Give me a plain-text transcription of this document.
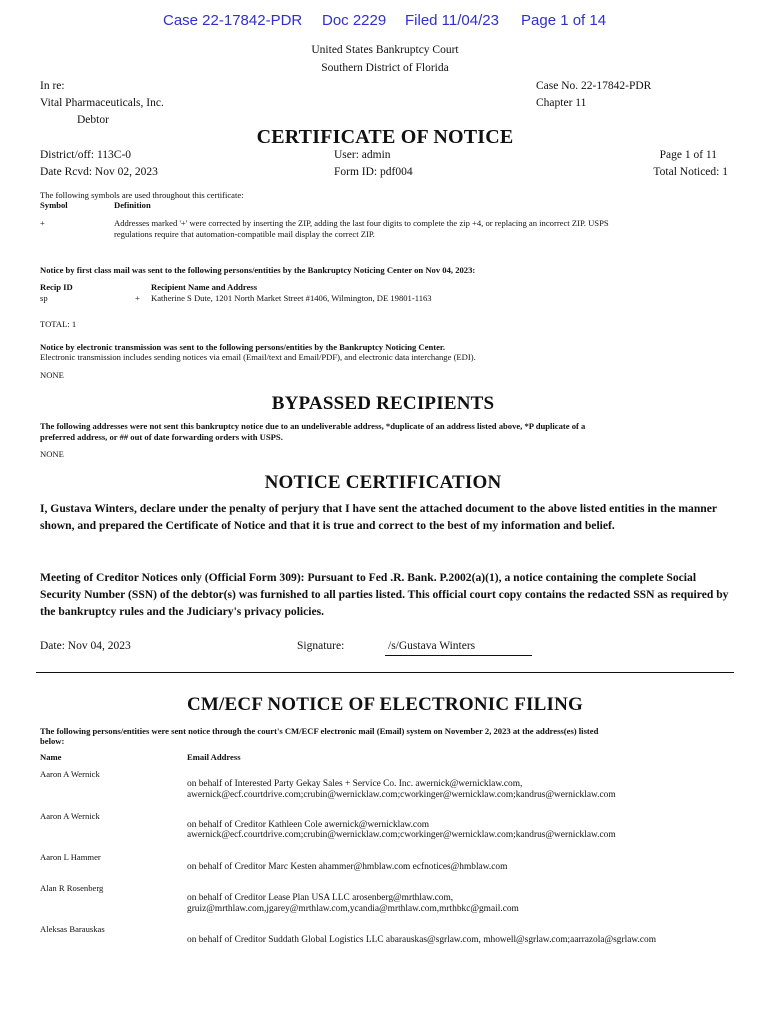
Case 22-17842-PDR Doc 2229 Filed 11/04/23 Page 1 of 14
United States Bankruptcy Court
Southern District of Florida
In re:
Vital Pharmaceuticals, Inc.
Debtor
Case No. 22-17842-PDR
Chapter 11
CERTIFICATE OF NOTICE
District/off: 113C-0
Date Rcvd: Nov 02, 2023
User: admin
Form ID: pdf004
Page 1 of 11
Total Noticed: 1
The following symbols are used throughout this certificate:
Symbol	Definition
+	Addresses marked '+' were corrected by inserting the ZIP, adding the last four digits to complete the zip +4, or replacing an incorrect ZIP. USPS
regulations require that automation-compatible mail display the correct ZIP.
Notice by first class mail was sent to the following persons/entities by the Bankruptcy Noticing Center on Nov 04, 2023:
Recip ID	Recipient Name and Address
sp	+ Katherine S Dute, 1201 North Market Street #1406, Wilmington, DE 19801-1163
TOTAL: 1
Notice by electronic transmission was sent to the following persons/entities by the Bankruptcy Noticing Center.
Electronic transmission includes sending notices via email (Email/text and Email/PDF), and electronic data interchange (EDI).
NONE
BYPASSED RECIPIENTS
The following addresses were not sent this bankruptcy notice due to an undeliverable address, *duplicate of an address listed above, *P duplicate of a
preferred address, or ## out of date forwarding orders with USPS.
NONE
NOTICE CERTIFICATION
I, Gustava Winters, declare under the penalty of perjury that I have sent the attached document to the above listed entities in the manner shown, and prepared the Certificate of Notice and that it is true and correct to the best of my information and belief.
Meeting of Creditor Notices only (Official Form 309): Pursuant to Fed .R. Bank. P.2002(a)(1), a notice containing the complete Social Security Number (SSN) of the debtor(s) was furnished to all parties listed. This official court copy contains the redacted SSN as required by the bankruptcy rules and the Judiciary's privacy policies.
Date: Nov 04, 2023	Signature:	/s/Gustava Winters
CM/ECF NOTICE OF ELECTRONIC FILING
The following persons/entities were sent notice through the court's CM/ECF electronic mail (Email) system on November 2, 2023 at the address(es) listed
below:
Name	Email Address
Aaron A Wernick
on behalf of Interested Party Gekay Sales + Service Co. Inc. awernick@wernicklaw.com,
awernick@ecf.courtdrive.com;crubin@wernicklaw.com;cworkinger@wernicklaw.com;kandrus@wernicklaw.com
Aaron A Wernick
on behalf of Creditor Kathleen Cole awernick@wernicklaw.com
awernick@ecf.courtdrive.com;crubin@wernicklaw.com;cworkinger@wernicklaw.com;kandrus@wernicklaw.com
Aaron L Hammer
on behalf of Creditor Marc Kesten ahammer@hmblaw.com ecfnotices@hmblaw.com
Alan R Rosenberg
on behalf of Creditor Lease Plan USA LLC arosenberg@mrthlaw.com,
gruiz@mrthlaw.com,jgarey@mrthlaw.com,ycandia@mrthlaw.com,mrthbkc@gmail.com
Aleksas Barauskas
on behalf of Creditor Suddath Global Logistics LLC abarauskas@sgrlaw.com, mhowell@sgrlaw.com;aarrazola@sgrlaw.com
